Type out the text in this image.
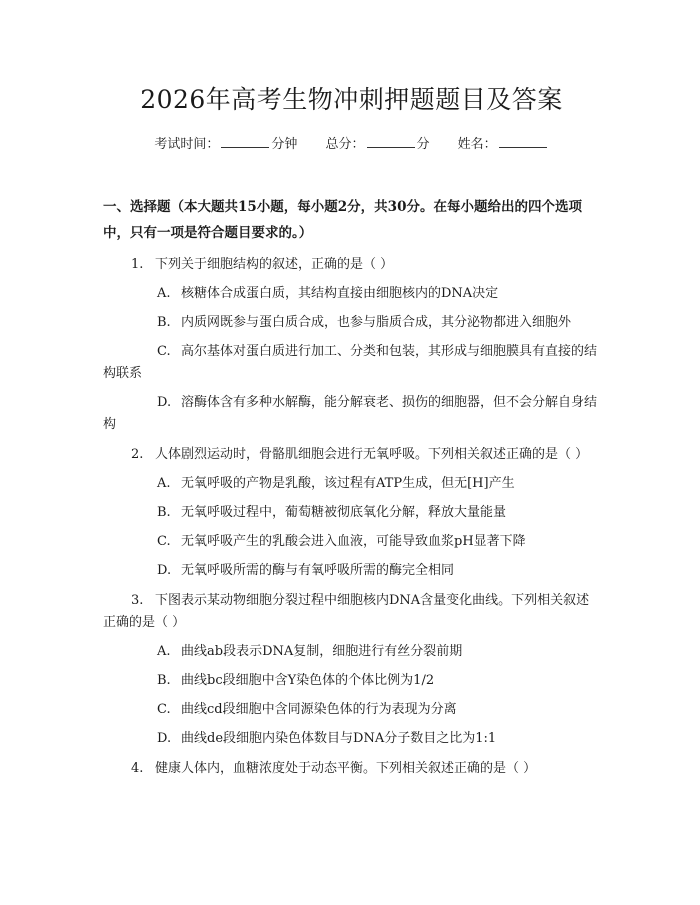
2026年高考生物冲刺押题题目及答案
考试时间：	分钟 总分：	分 姓名：
一、选择题（本大题共15小题，每小题2分，共30分。在每小题给出的四个选项中，只有一项是符合题目要求的。）
1. 下列关于细胞结构的叙述，正确的是（ ）
A. 核糖体合成蛋白质，其结构直接由细胞核内的DNA决定
B. 内质网既参与蛋白质合成，也参与脂质合成，其分泌物都进入细胞外
C. 高尔基体对蛋白质进行加工、分类和包装，其形成与细胞膜具有直接的结构联系
D. 溶酶体含有多种水解酶，能分解衰老、损伤的细胞器，但不会分解自身结构
2. 人体剧烈运动时，骨骼肌细胞会进行无氧呼吸。下列相关叙述正确的是（ ）
A. 无氧呼吸的产物是乳酸，该过程有ATP生成，但无[H]产生
B. 无氧呼吸过程中，葡萄糖被彻底氧化分解，释放大量能量
C. 无氧呼吸产生的乳酸会进入血液，可能导致血浆pH显著下降
D. 无氧呼吸所需的酶与有氧呼吸所需的酶完全相同
3. 下图表示某动物细胞分裂过程中细胞核内DNA含量变化曲线。下列相关叙述正确的是（ ）
A. 曲线ab段表示DNA复制，细胞进行有丝分裂前期
B. 曲线bc段细胞中含Y染色体的个体比例为1/2
C. 曲线cd段细胞中含同源染色体的行为表现为分离
D. 曲线de段细胞内染色体数目与DNA分子数目之比为1:1
4. 健康人体内，血糖浓度处于动态平衡。下列相关叙述正确的是（ ）
